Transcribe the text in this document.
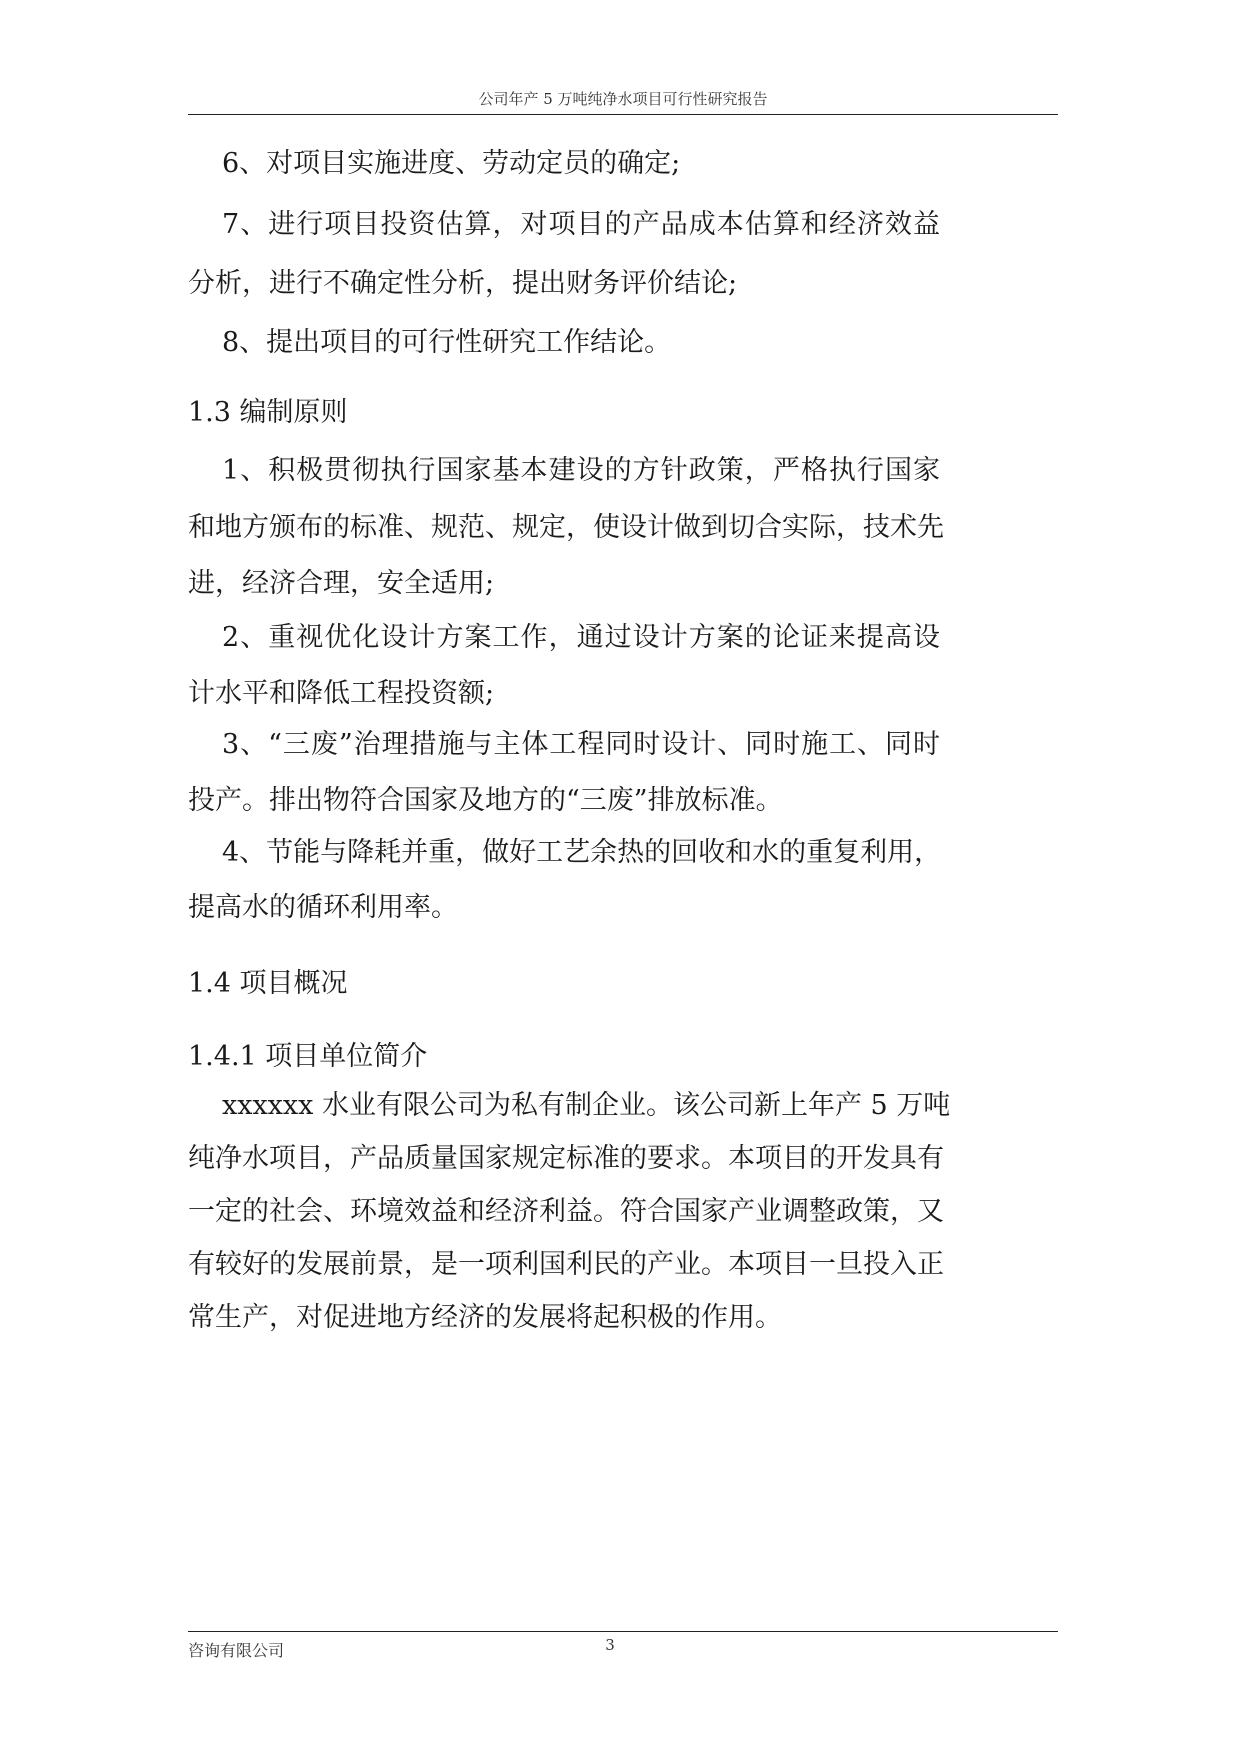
公司年产 5 万吨纯净水项目可行性研究报告
6、对项目实施进度、劳动定员的确定;
7、进行项目投资估算，对项目的产品成本估算和经济效益
分析，进行不确定性分析，提出财务评价结论;
8、提出项目的可行性研究工作结论。
1.3 编制原则
1、积极贯彻执行国家基本建设的方针政策，严格执行国家
和地方颁布的标准、规范、规定，使设计做到切合实际，技术先
进，经济合理，安全适用;
2、重视优化设计方案工作，通过设计方案的论证来提高设
计水平和降低工程投资额;
3、“三废”治理措施与主体工程同时设计、同时施工、同时
投产。排出物符合国家及地方的“三废”排放标准。
4、节能与降耗并重，做好工艺余热的回收和水的重复利用，
提高水的循环利用率。
1.4 项目概况
1.4.1 项目单位简介
xxxxxx 水业有限公司为私有制企业。该公司新上年产 5 万吨
纯净水项目，产品质量国家规定标准的要求。本项目的开发具有
一定的社会、环境效益和经济利益。符合国家产业调整政策，又
有较好的发展前景，是一项利国利民的产业。本项目一旦投入正
常生产，对促进地方经济的发展将起积极的作用。
咨询有限公司	3
